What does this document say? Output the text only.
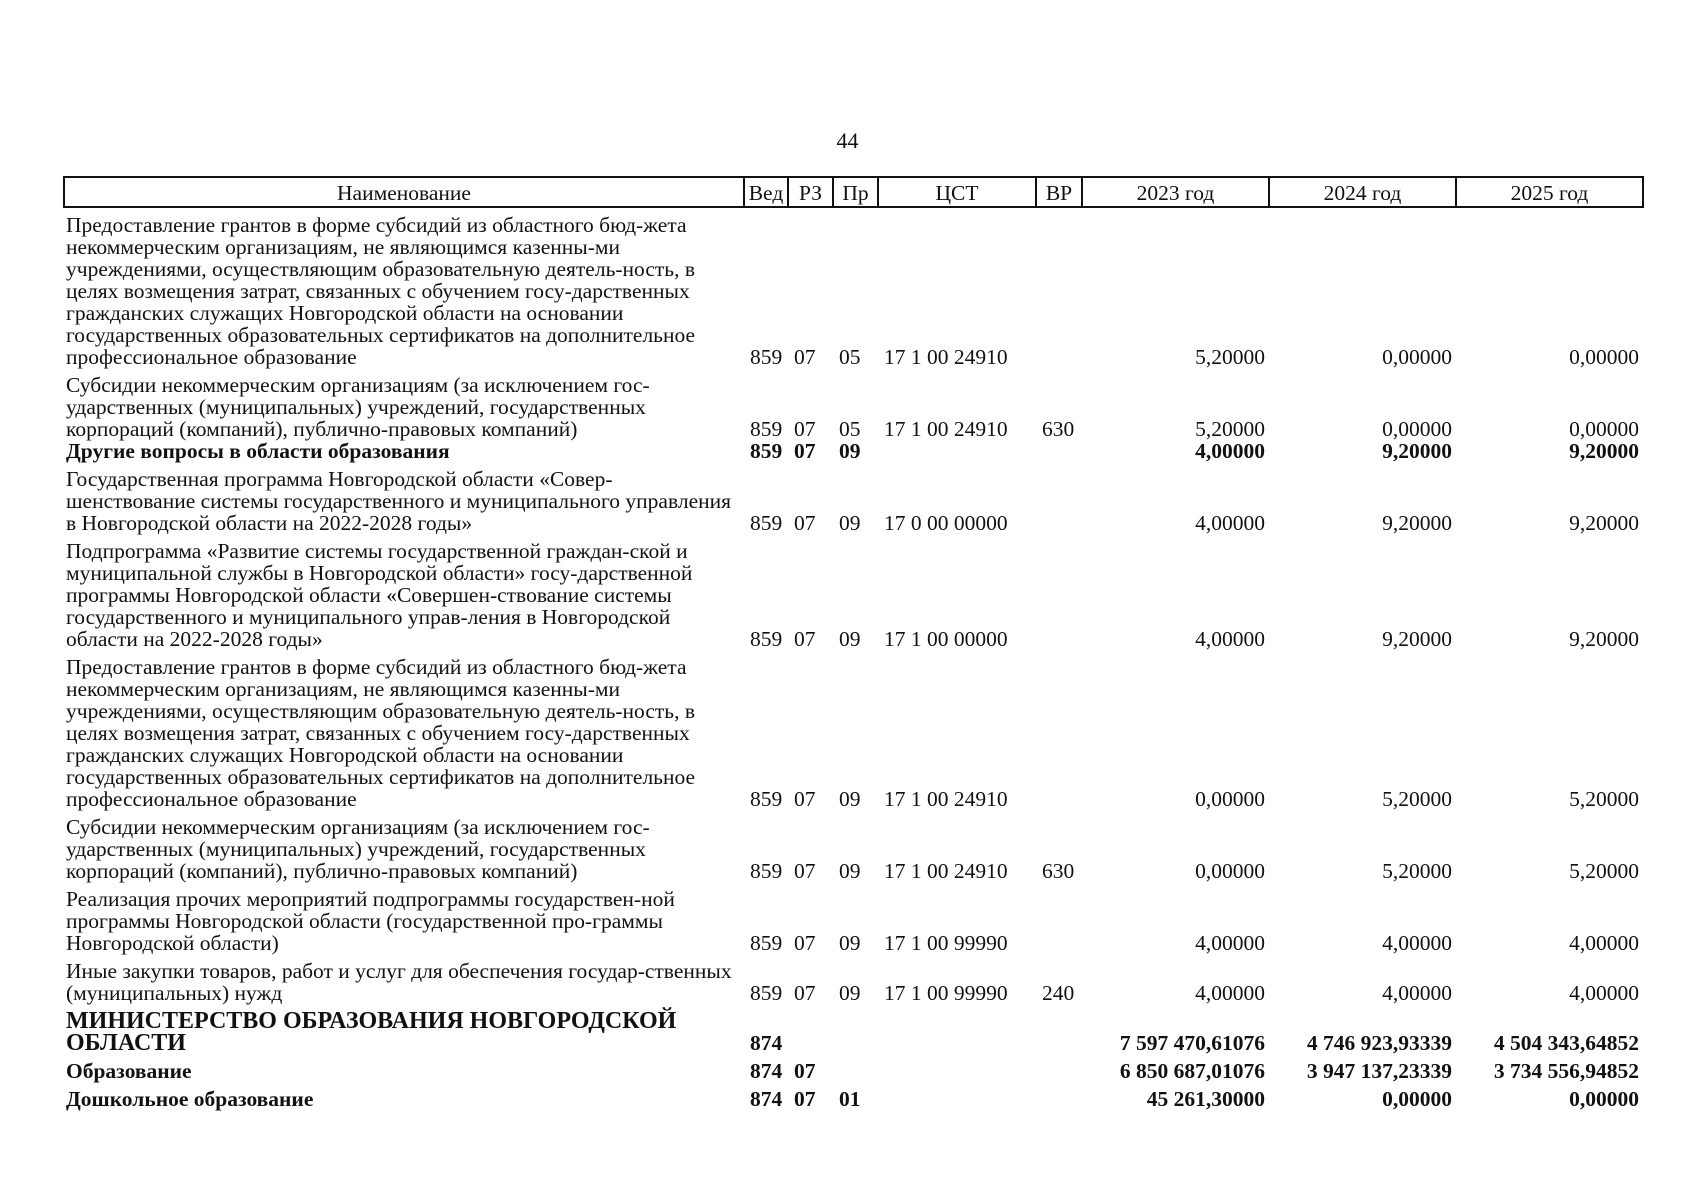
44
Наименование	Вед	РЗ	Пр	ЦСТ	ВР	2023 год	2024 год	2025 год
Предоставление грантов в форме субсидий из областного бюд-жета некоммерческим организациям, не являющимся казенны-ми учреждениями, осуществляющим образовательную деятель-ность, в целях возмещения затрат, связанных с обучением госу-дарственных гражданских служащих Новгородской области на основании государственных образовательных сертификатов на дополнительное профессиональное образование	859	07	05	17 1 00 24910		5,20000	0,00000	0,00000
Субсидии некоммерческим организациям (за исключением гос-ударственных (муниципальных) учреждений, государственных корпораций (компаний), публично-правовых компаний)	859	07	05	17 1 00 24910	630	5,20000	0,00000	0,00000
Другие вопросы в области образования	859	07	09			4,00000	9,20000	9,20000
Государственная программа Новгородской области «Совер-шенствование системы государственного и муниципального управления в Новгородской области на 2022-2028 годы»	859	07	09	17 0 00 00000		4,00000	9,20000	9,20000
Подпрограмма «Развитие системы государственной граждан-ской и муниципальной службы в Новгородской области» госу-дарственной программы Новгородской области «Совершен-ствование системы государственного и муниципального управ-ления в Новгородской области на 2022-2028 годы»	859	07	09	17 1 00 00000		4,00000	9,20000	9,20000
Предоставление грантов в форме субсидий из областного бюд-жета некоммерческим организациям, не являющимся казенны-ми учреждениями, осуществляющим образовательную деятель-ность, в целях возмещения затрат, связанных с обучением госу-дарственных гражданских служащих Новгородской области на основании государственных образовательных сертификатов на дополнительное профессиональное образование	859	07	09	17 1 00 24910		0,00000	5,20000	5,20000
Субсидии некоммерческим организациям (за исключением гос-ударственных (муниципальных) учреждений, государственных корпораций (компаний), публично-правовых компаний)	859	07	09	17 1 00 24910	630	0,00000	5,20000	5,20000
Реализация прочих мероприятий подпрограммы государствен-ной программы Новгородской области (государственной про-граммы Новгородской области)	859	07	09	17 1 00 99990		4,00000	4,00000	4,00000
Иные закупки товаров, работ и услуг для обеспечения государ-ственных (муниципальных) нужд	859	07	09	17 1 00 99990	240	4,00000	4,00000	4,00000
МИНИСТЕРСТВО ОБРАЗОВАНИЯ НОВГОРОДСКОЙ ОБЛАСТИ	874					7 597 470,61076	4 746 923,93339	4 504 343,64852
Образование	874	07				6 850 687,01076	3 947 137,23339	3 734 556,94852
Дошкольное образование	874	07	01			45 261,30000	0,00000	0,00000
